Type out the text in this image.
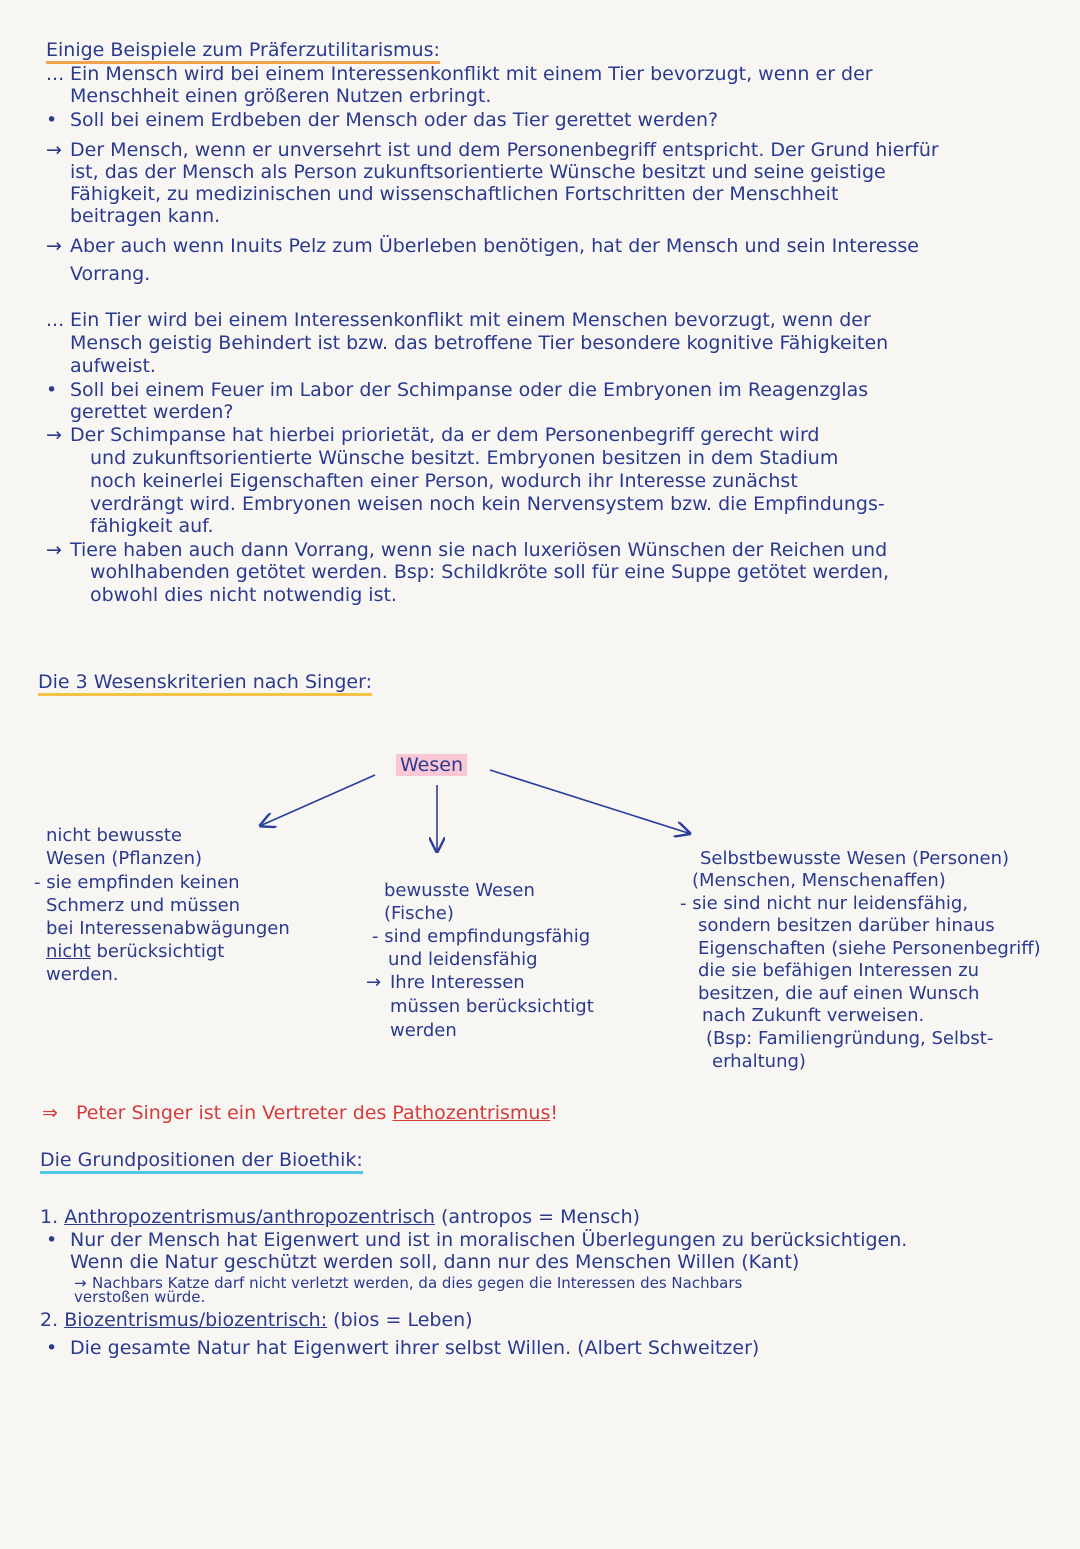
Einige Beispiele zum Präferzutilitarismus:
... Ein Mensch wird bei einem Interessenkonflikt mit einem Tier bevorzugt, wenn er der
Menschheit einen größeren Nutzen erbringt.
• Soll bei einem Erdbeben der Mensch oder das Tier gerettet werden?
→ Der Mensch, wenn er unversehrt ist und dem Personenbegriff entspricht. Der Grund hierfür
ist, das der Mensch als Person zukunftsorientierte Wünsche besitzt und seine geistige
Fähigkeit, zu medizinischen und wissenschaftlichen Fortschritten der Menschheit
beitragen kann.
→ Aber auch wenn Inuits Pelz zum Überleben benötigen, hat der Mensch und sein Interesse
Vorrang.
... Ein Tier wird bei einem Interessenkonflikt mit einem Menschen bevorzugt, wenn der
Mensch geistig Behindert ist bzw. das betroffene Tier besondere kognitive Fähigkeiten
aufweist.
• Soll bei einem Feuer im Labor der Schimpanse oder die Embryonen im Reagenzglas
gerettet werden?
→ Der Schimpanse hat hierbei priorietät, da er dem Personenbegriff gerecht wird
und zukunftsorientierte Wünsche besitzt. Embryonen besitzen in dem Stadium
noch keinerlei Eigenschaften einer Person, wodurch ihr Interesse zunächst
verdrängt wird. Embryonen weisen noch kein Nervensystem bzw. die Empfindungs-
fähigkeit auf.
→ Tiere haben auch dann Vorrang, wenn sie nach luxeriösen Wünschen der Reichen und
wohlhabenden getötet werden. Bsp: Schildkröte soll für eine Suppe getötet werden,
obwohl dies nicht notwendig ist.
Die 3 Wesenskriterien nach Singer:
Wesen
nicht bewusste
Wesen (Pflanzen)
- sie empfinden keinen
Schmerz und müssen
bei Interessenabwägungen
nicht berücksichtigt
werden.
bewusste Wesen
(Fische)
- sind empfindungsfähig
und leidensfähig
→ Ihre Interessen
müssen berücksichtigt
werden
Selbstbewusste Wesen (Personen)
(Menschen, Menschenaffen)
- sie sind nicht nur leidensfähig,
sondern besitzen darüber hinaus
Eigenschaften (siehe Personenbegriff)
die sie befähigen Interessen zu
besitzen, die auf einen Wunsch
nach Zukunft verweisen.
(Bsp: Familiengründung, Selbst-
erhaltung)
⇒ Peter Singer ist ein Vertreter des Pathozentrismus!
Die Grundpositionen der Bioethik:
1. Anthropozentrismus/anthropozentrisch (antropos = Mensch)
• Nur der Mensch hat Eigenwert und ist in moralischen Überlegungen zu berücksichtigen.
Wenn die Natur geschützt werden soll, dann nur des Menschen Willen (Kant)
→ Nachbars Katze darf nicht verletzt werden, da dies gegen die Interessen des Nachbars
verstoßen würde.
2. Biozentrismus/biozentrisch: (bios = Leben)
• Die gesamte Natur hat Eigenwert ihrer selbst Willen. (Albert Schweitzer)
